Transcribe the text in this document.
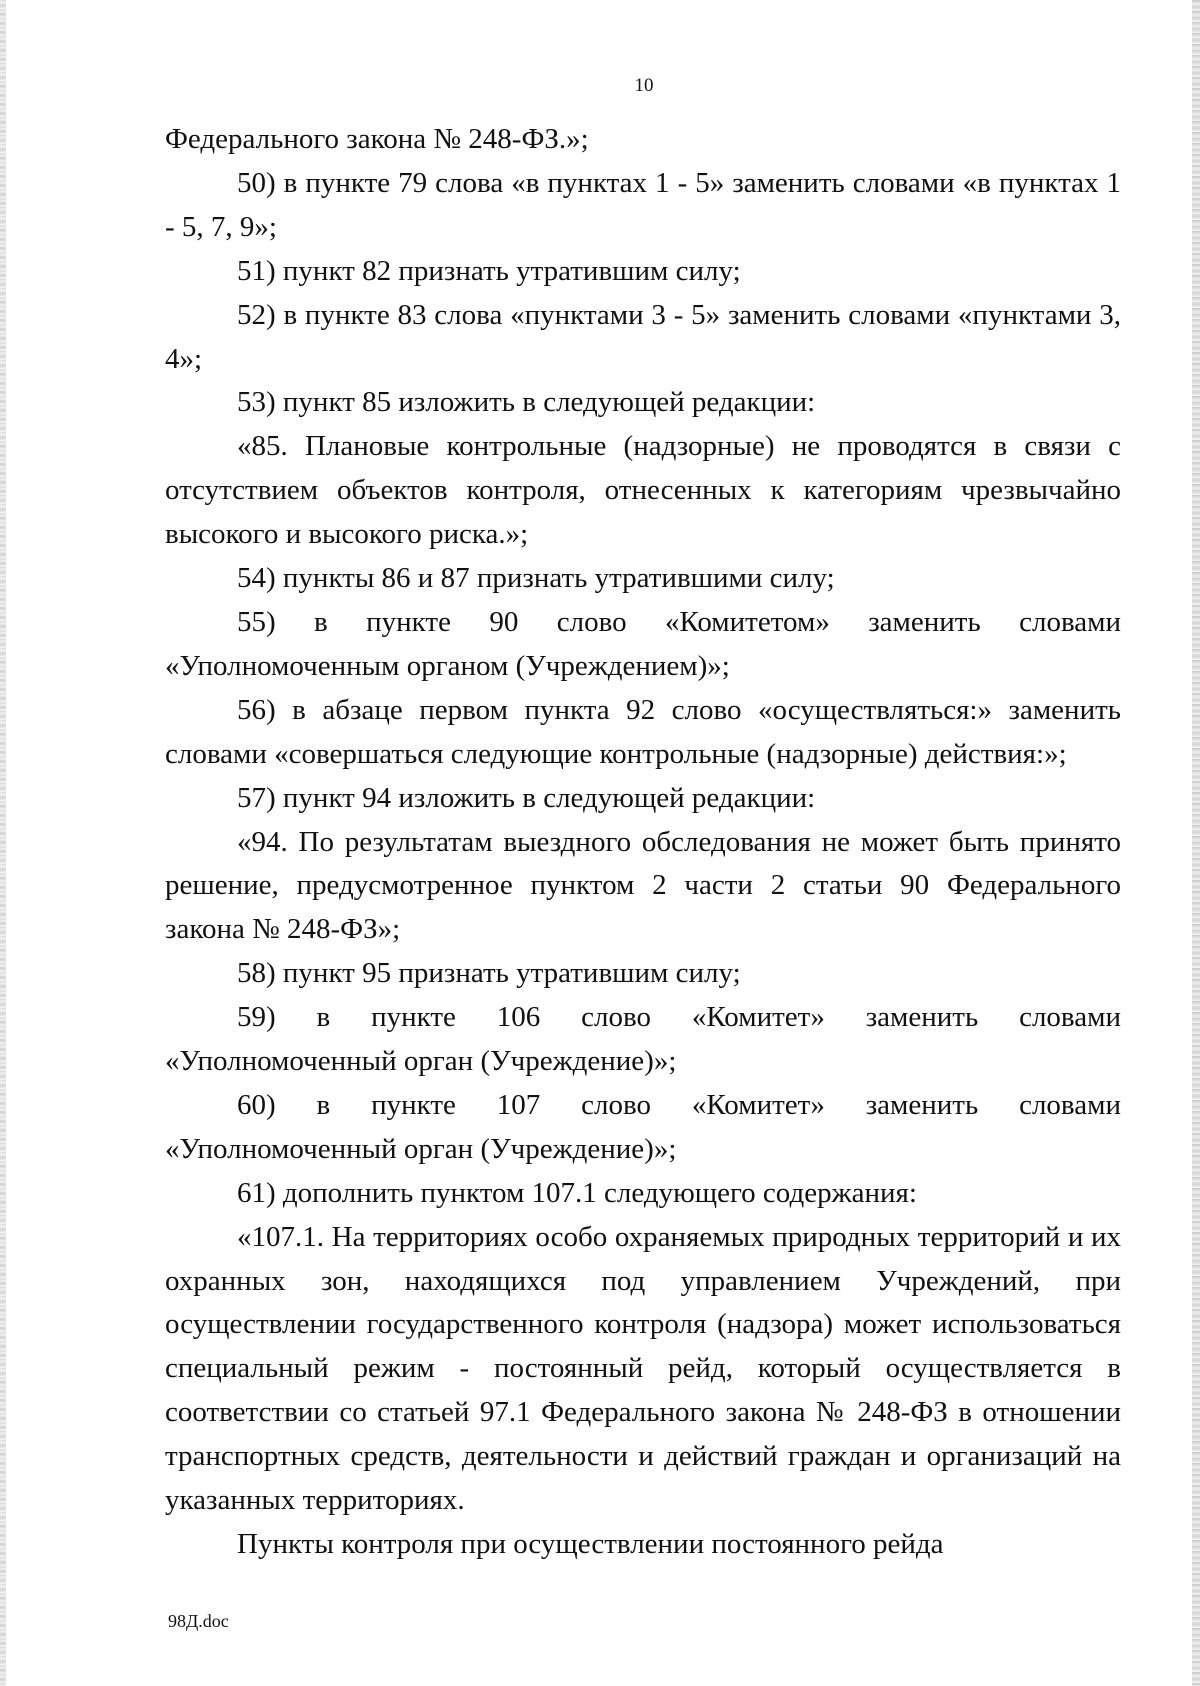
10

Федерального закона № 248-ФЗ.»;

50) в пункте 79 слова «в пунктах 1 - 5» заменить словами «в пунктах 1 - 5, 7, 9»;

51) пункт 82 признать утратившим силу;

52) в пункте 83 слова «пунктами 3 - 5» заменить словами «пунктами 3, 4»;

53) пункт 85 изложить в следующей редакции:

«85. Плановые контрольные (надзорные) не проводятся в связи с отсутствием объектов контроля, отнесенных к категориям чрезвычайно высокого и высокого риска.»;

54) пункты 86 и 87 признать утратившими силу;

55) в пункте 90 слово «Комитетом» заменить словами «Уполномоченным органом (Учреждением)»;

56) в абзаце первом пункта 92 слово «осуществляться:» заменить словами «совершаться следующие контрольные (надзорные) действия:»;

57) пункт 94 изложить в следующей редакции:

«94. По результатам выездного обследования не может быть принято решение, предусмотренное пунктом 2 части 2 статьи 90 Федерального закона № 248-ФЗ»;

58) пункт 95 признать утратившим силу;

59) в пункте 106 слово «Комитет» заменить словами «Уполномоченный орган (Учреждение)»;

60) в пункте 107 слово «Комитет» заменить словами «Уполномоченный орган (Учреждение)»;

61) дополнить пунктом 107.1 следующего содержания:

«107.1. На территориях особо охраняемых природных территорий и их охранных зон, находящихся под управлением Учреждений, при осуществлении государственного контроля (надзора) может использоваться специальный режим - постоянный рейд, который осуществляется в соответствии со статьей 97.1 Федерального закона № 248-ФЗ в отношении транспортных средств, деятельности и действий граждан и организаций на указанных территориях.

Пункты контроля при осуществлении постоянного рейда

98Д.doc
